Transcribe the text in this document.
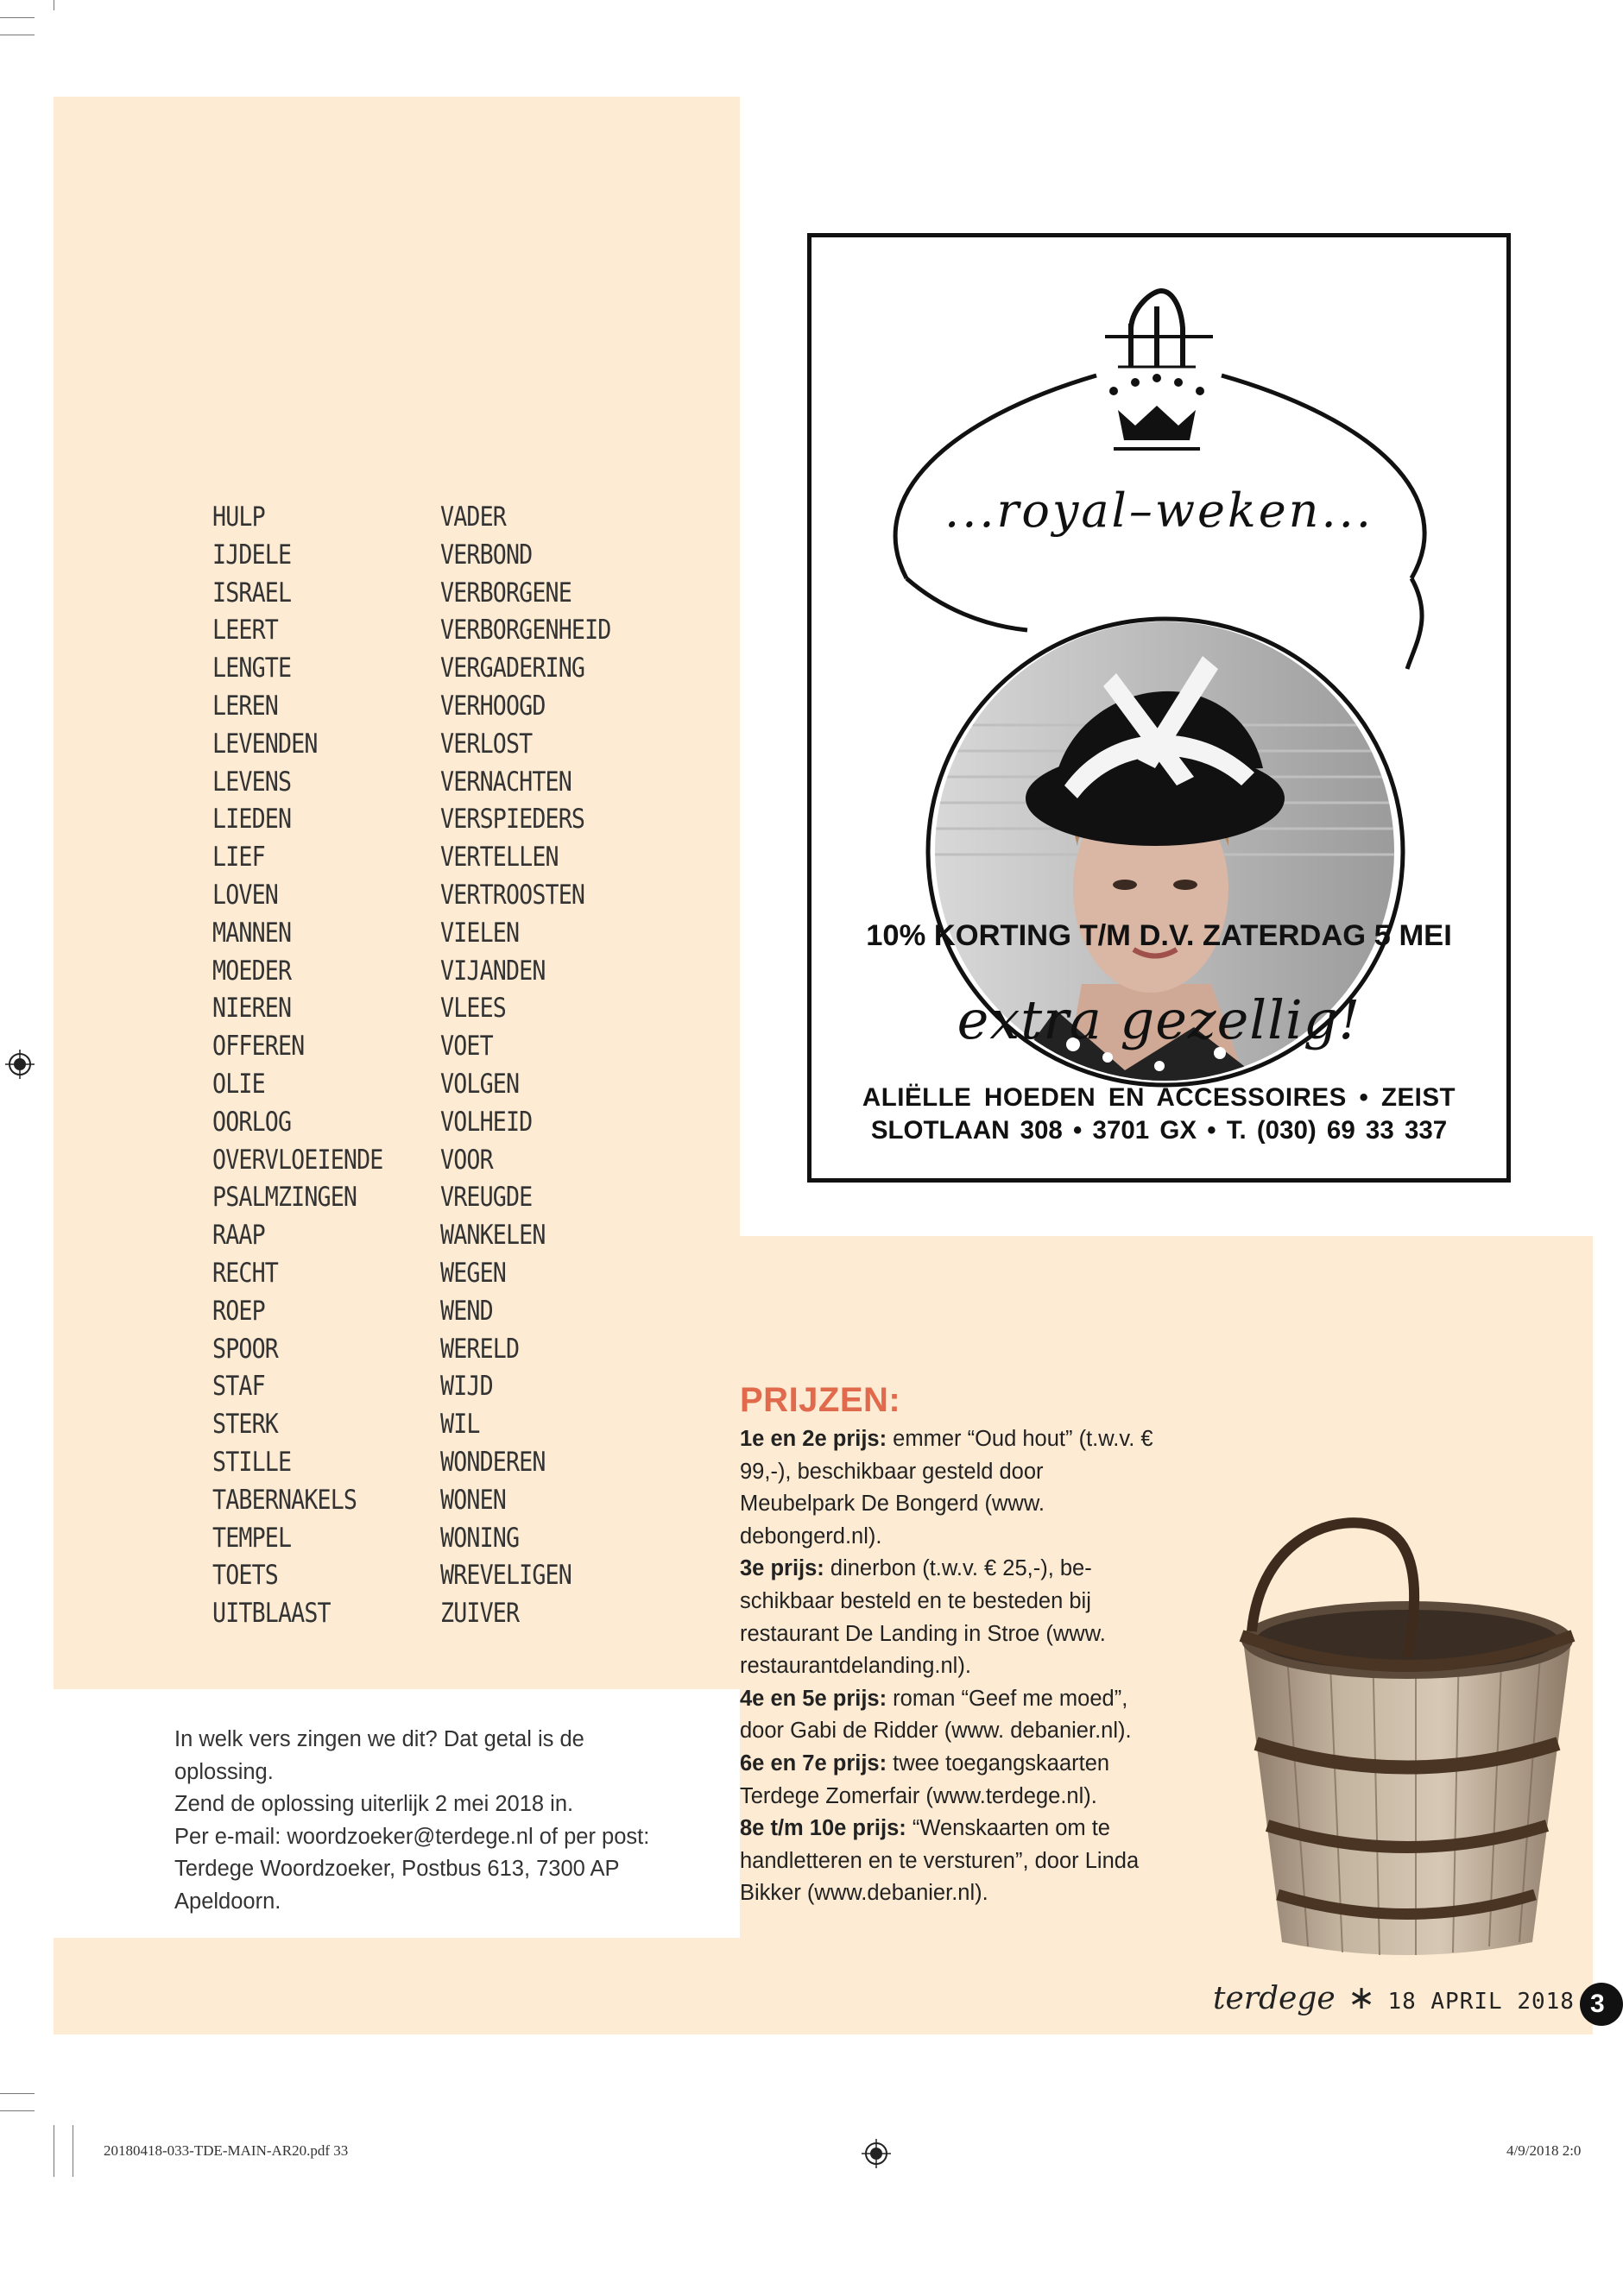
HULP
IJDELE
ISRAEL
LEERT
LENGTE
LEREN
LEVENDEN
LEVENS
LIEDEN
LIEF
LOVEN
MANNEN
MOEDER
NIEREN
OFFEREN
OLIE
OORLOG
OVERVLOEIENDE
PSALMZINGEN
RAAP
RECHT
ROEP
SPOOR
STAF
STERK
STILLE
TABERNAKELS
TEMPEL
TOETS
UITBLAAST
VADER
VERBOND
VERBORGENE
VERBORGENHEID
VERGADERING
VERHOOGD
VERLOST
VERNACHTEN
VERSPIEDERS
VERTELLEN
VERTROOSTEN
VIELEN
VIJANDEN
VLEES
VOET
VOLGEN
VOLHEID
VOOR
VREUGDE
WANKELEN
WEGEN
WEND
WERELD
WIJD
WIL
WONDEREN
WONEN
WONING
WREVELIGEN
ZUIVER

In welk vers zingen we dit? Dat getal is de oplossing.
Zend de oplossing uiterlijk 2 mei 2018 in.
Per e-mail: woordzoeker@terdege.nl of per post: Terdege Woordzoeker, Postbus 613, 7300 AP Apeldoorn.

...royal–weken...
10% KORTING T/M D.V. ZATERDAG 5 MEI
extra gezellig!
ALIËLLE HOEDEN EN ACCESSOIRES • ZEIST
SLOTLAAN 308 • 3701 GX • T. (030) 69 33 337
PRIJZEN:

1e en 2e prijs: emmer “Oud hout” (t.w.v. € 99,-), beschikbaar gesteld door Meubelpark De Bongerd (www. debongerd.nl).
3e prijs: dinerbon (t.w.v. € 25,-), be- schikbaar besteld en te besteden bij restaurant De Landing in Stroe (www. restaurantdelanding.nl).
4e en 5e prijs: roman “Geef me moed”, door Gabi de Ridder (www. debanier.nl).
6e en 7e prijs: twee toegangskaarten Terdege Zomerfair (www.terdege.nl).
8e t/m 10e prijs: “Wenskaarten om te handletteren en te versturen”, door Linda Bikker (www.debanier.nl).

terdege ∗ 18 APRIL 2018 3
20180418-033-TDE-MAIN-AR20.pdf 33	4/9/2018 2:0
